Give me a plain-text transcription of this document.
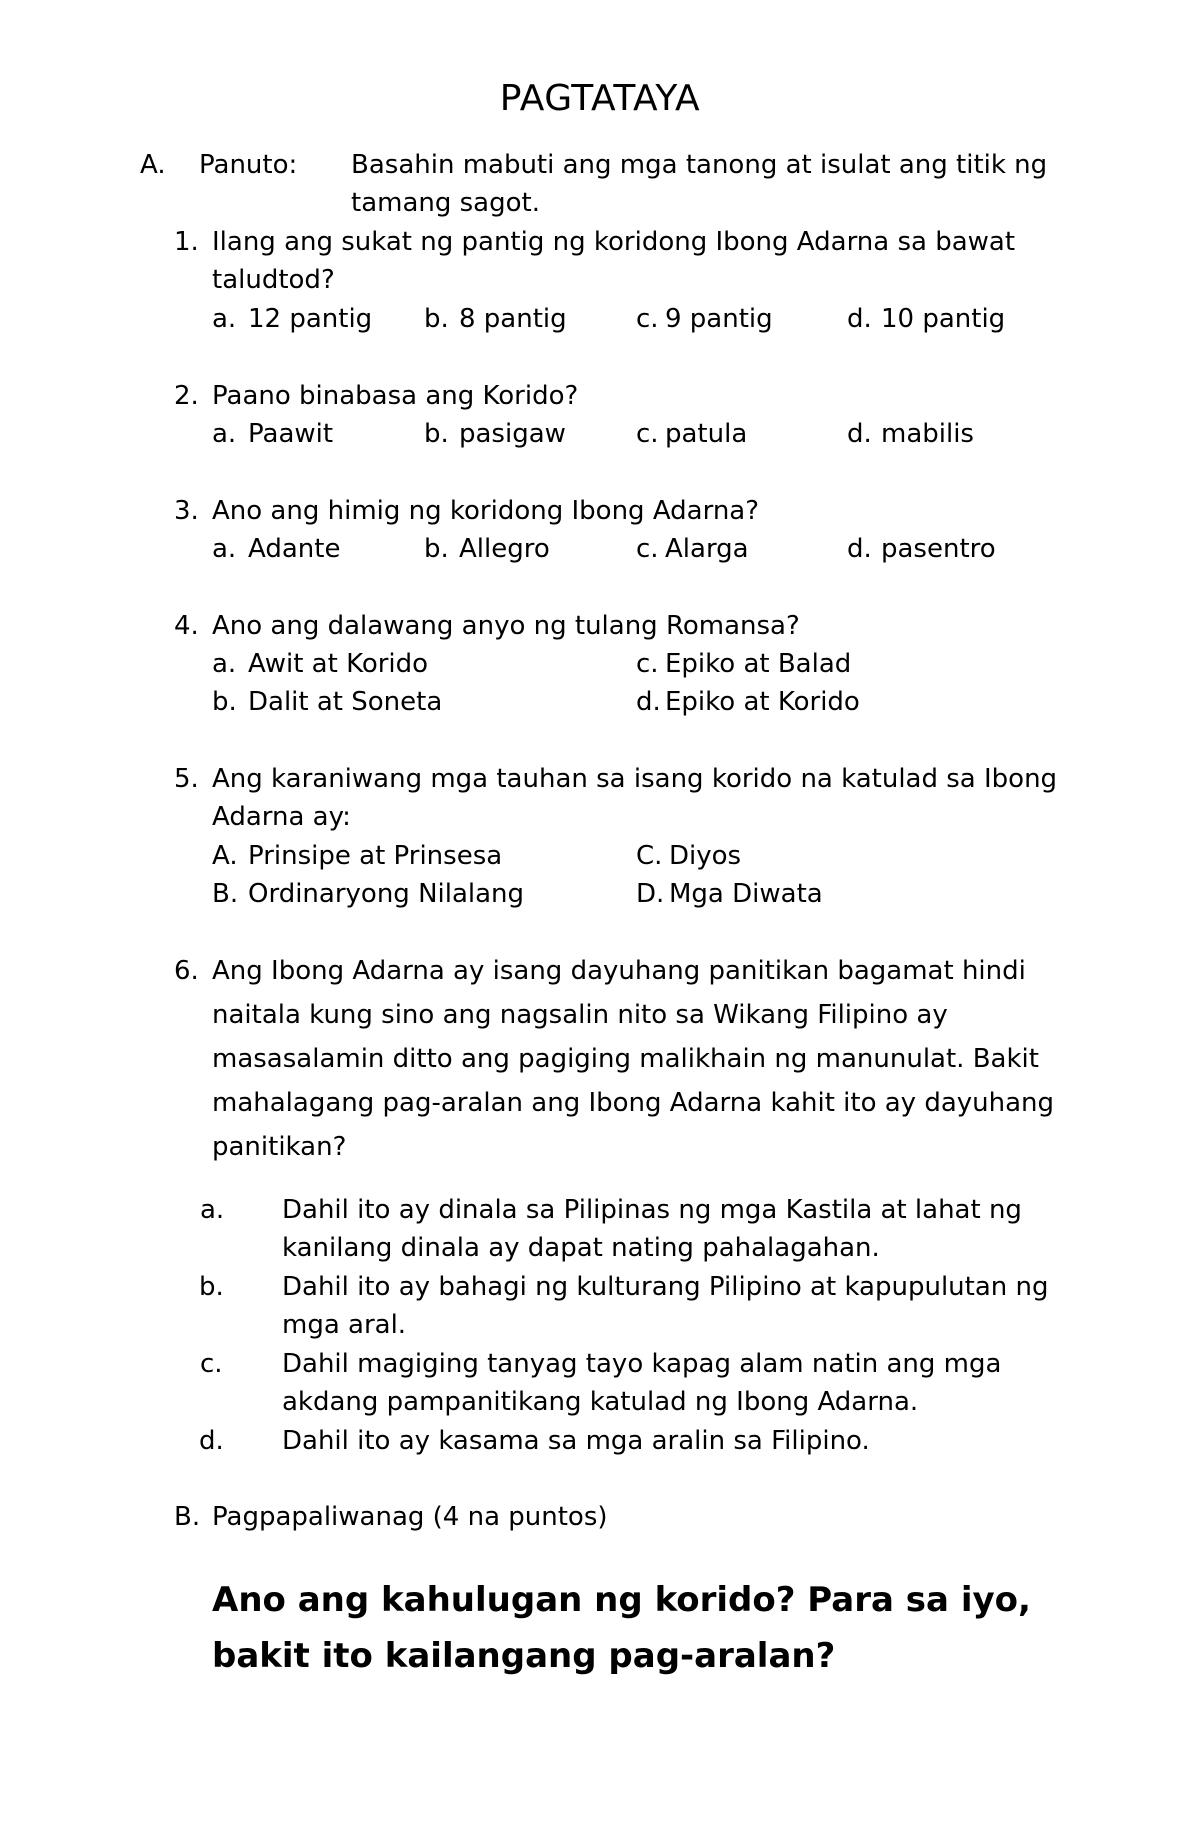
PAGTATAYA
A. Panuto: Basahin mabuti ang mga tanong at isulat ang titik ng
tamang sagot.
1. Ilang ang sukat ng pantig ng koridong Ibong Adarna sa bawat
taludtod?
a. 12 pantig b. 8 pantig	c. 9 pantig	d. 10 pantig
2. Paano binabasa ang Korido?
a. Paawit	b. pasigaw	c. patula	d. mabilis
3. Ano ang himig ng koridong Ibong Adarna?
a. Adante	b. Allegro	c. Alarga	d. pasentro
4. Ano ang dalawang anyo ng tulang Romansa?
a. Awit at Korido	c. Epiko at Balad
b. Dalit at Soneta	d. Epiko at Korido
5. Ang karaniwang mga tauhan sa isang korido na katulad sa Ibong
Adarna ay:
A. Prinsipe at Prinsesa	C. Diyos
B. Ordinaryong Nilalang	D. Mga Diwata
6. Ang Ibong Adarna ay isang dayuhang panitikan bagamat hindi
naitala kung sino ang nagsalin nito sa Wikang Filipino ay
masasalamin ditto ang pagiging malikhain ng manunulat. Bakit
mahalagang pag-aralan ang Ibong Adarna kahit ito ay dayuhang
panitikan?
a. Dahil ito ay dinala sa Pilipinas ng mga Kastila at lahat ng
kanilang dinala ay dapat nating pahalagahan.
b. Dahil ito ay bahagi ng kulturang Pilipino at kapupulutan ng
mga aral.
c. Dahil magiging tanyag tayo kapag alam natin ang mga
akdang pampanitikang katulad ng Ibong Adarna.
d. Dahil ito ay kasama sa mga aralin sa Filipino.
B. Pagpapaliwanag (4 na puntos)
Ano ang kahulugan ng korido? Para sa iyo,
bakit ito kailangang pag-aralan?
